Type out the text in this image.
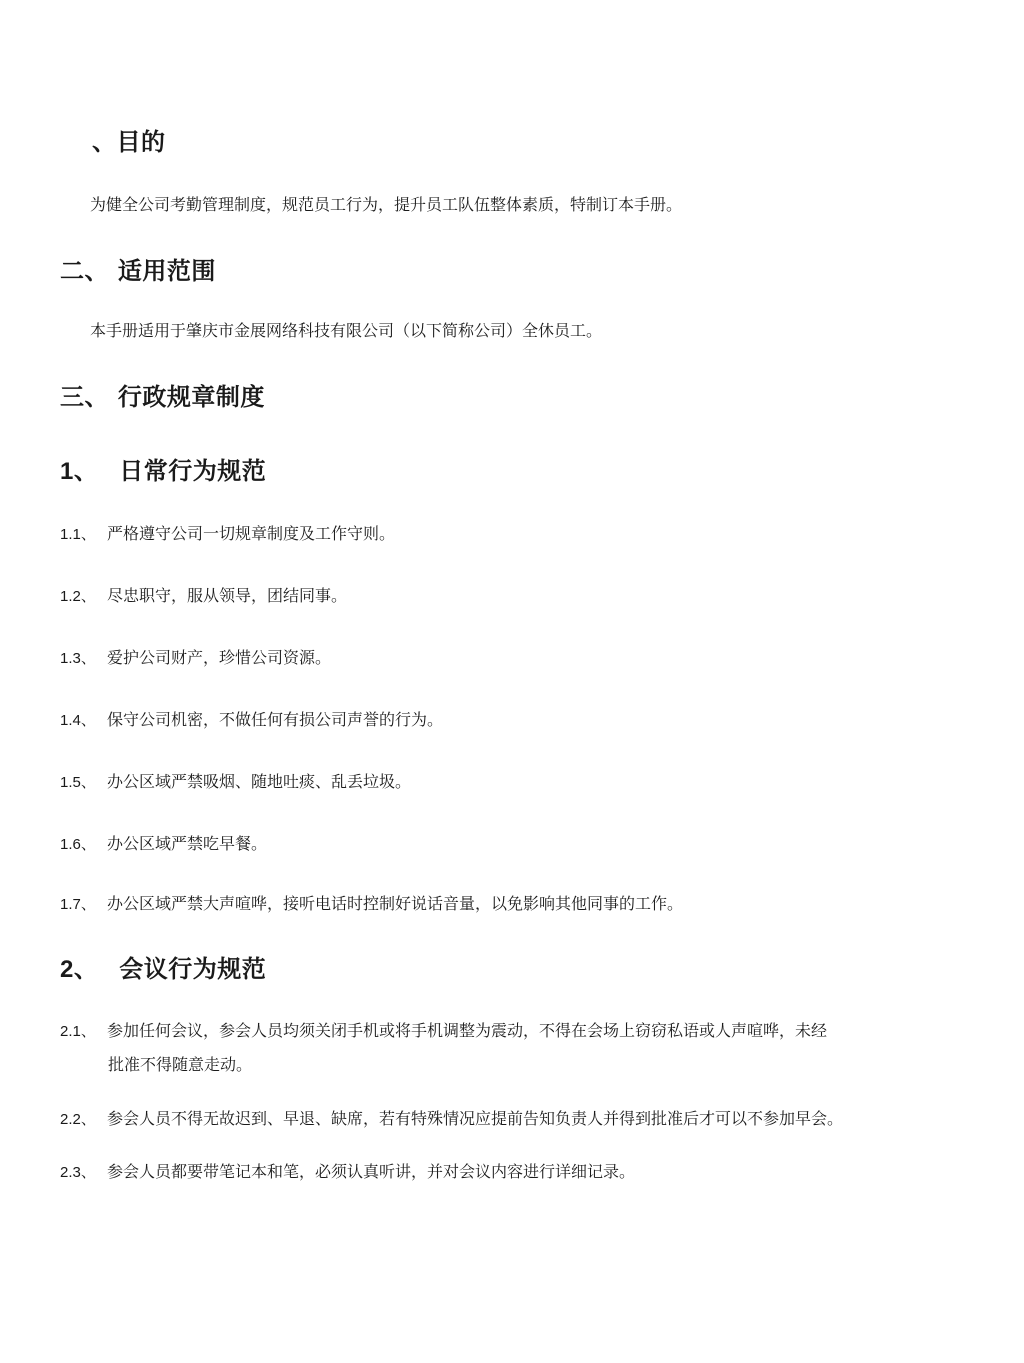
、目的

为健全公司考勤管理制度，规范员工行为，提升员工队伍整体素质，特制订本手册。

二、 适用范围

本手册适用于肇庆市金展网络科技有限公司（以下简称公司）全休员工。

三、 行政规章制度
1、 日常行为规范
1.1、 严格遵守公司一切规章制度及工作守则。
1.2、 尽忠职守，服从领导，团结同事。
1.3、 爱护公司财产，珍惜公司资源。
1.4、 保守公司机密，不做任何有损公司声誉的行为。
1.5、 办公区域严禁吸烟、随地吐痰、乱丢垃圾。
1.6、 办公区域严禁吃早餐。
1.7、 办公区域严禁大声喧哗，接听电话时控制好说话音量，以免影响其他同事的工作。
2、 会议行为规范
2.1、 参加任何会议，参会人员均须关闭手机或将手机调整为震动，不得在会场上窃窃私语或人声喧哗，未经
批准不得随意走动。
2.2、 参会人员不得无故迟到、早退、缺席，若有特殊情况应提前告知负责人并得到批准后才可以不参加早会。
2.3、 参会人员都要带笔记本和笔，必须认真听讲，并对会议内容进行详细记录。
